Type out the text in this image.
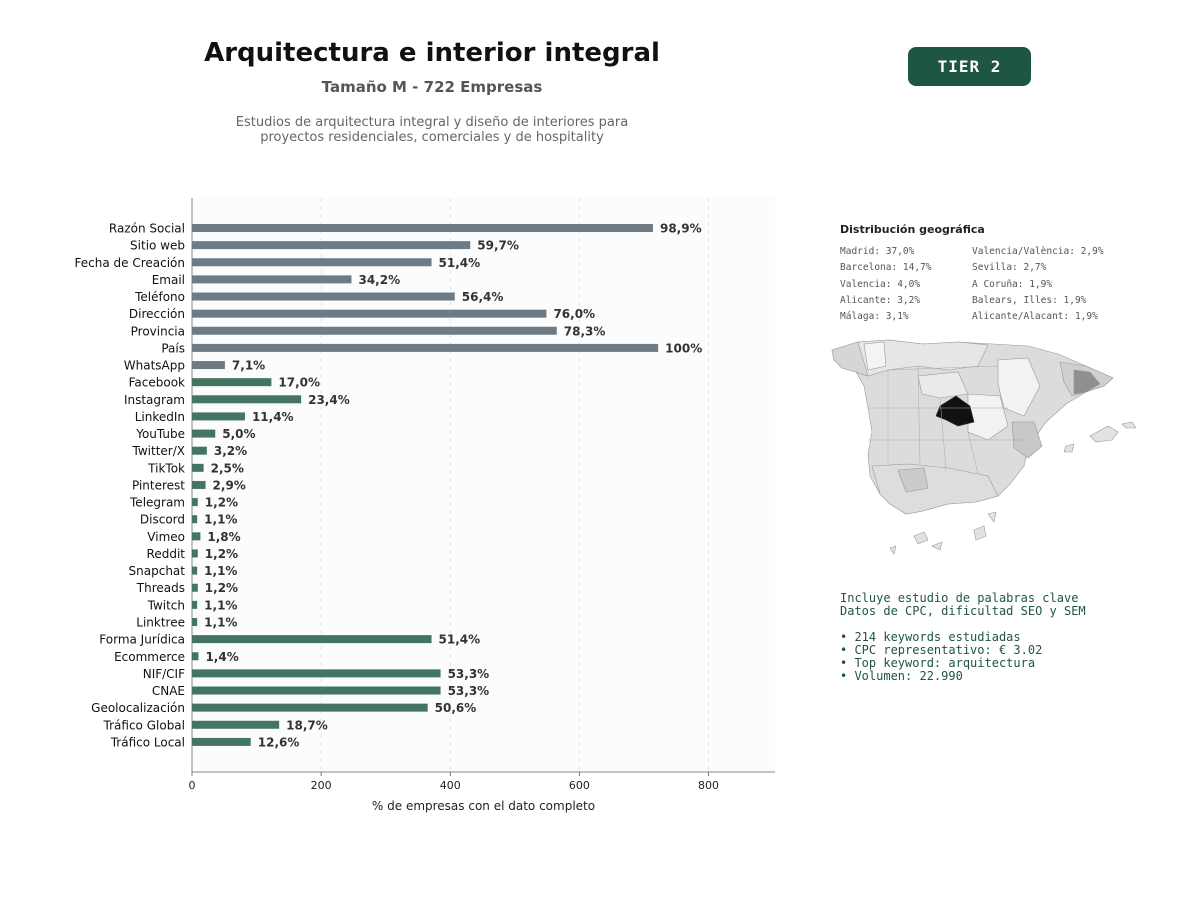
Arquitectura e interior integral
Tamaño M - 722 Empresas
Estudios de arquitectura integral y diseño de interiores para
proyectos residenciales, comerciales y de hospitality
TIER 2
0	200	400	600	800
Razón Social	98,9%
Sitio web	59,7%
Fecha de Creación	51,4%
Email	34,2%
Teléfono	56,4%
Dirección	76,0%
Provincia	78,3%
País	100%
WhatsApp	7,1%
Facebook	17,0%
Instagram	23,4%
LinkedIn	11,4%
YouTube	5,0%
Twitter/X 3,2%
TikTok 2,5%
Pinterest 2,9%
Telegram 1,2%
Discord 1,1%
Vimeo 1,8%
Reddit 1,2%
Snapchat 1,1%
Threads 1,2%
Twitch 1,1%
Linktree 1,1%
Forma Jurídica	51,4%
Ecommerce 1,4%
NIF/CIF	53,3%
CNAE	53,3%
Geolocalización	50,6%
Tráfico Global	18,7%
Tráfico Local	12,6%
% de empresas con el dato completo
Distribución geográfica
Madrid: 37,0%
Barcelona: 14,7%
Valencia: 4,0%
Alicante: 3,2%
Málaga: 3,1%
Valencia/València: 2,9%
Sevilla: 2,7%
A Coruña: 1,9%
Balears, Illes: 1,9%
Alicante/Alacant: 1,9%
Incluye estudio de palabras clave
Datos de CPC, dificultad SEO y SEM
• 214 keywords estudiadas
• CPC representativo: € 3.02
• Top keyword: arquitectura
• Volumen: 22.990
